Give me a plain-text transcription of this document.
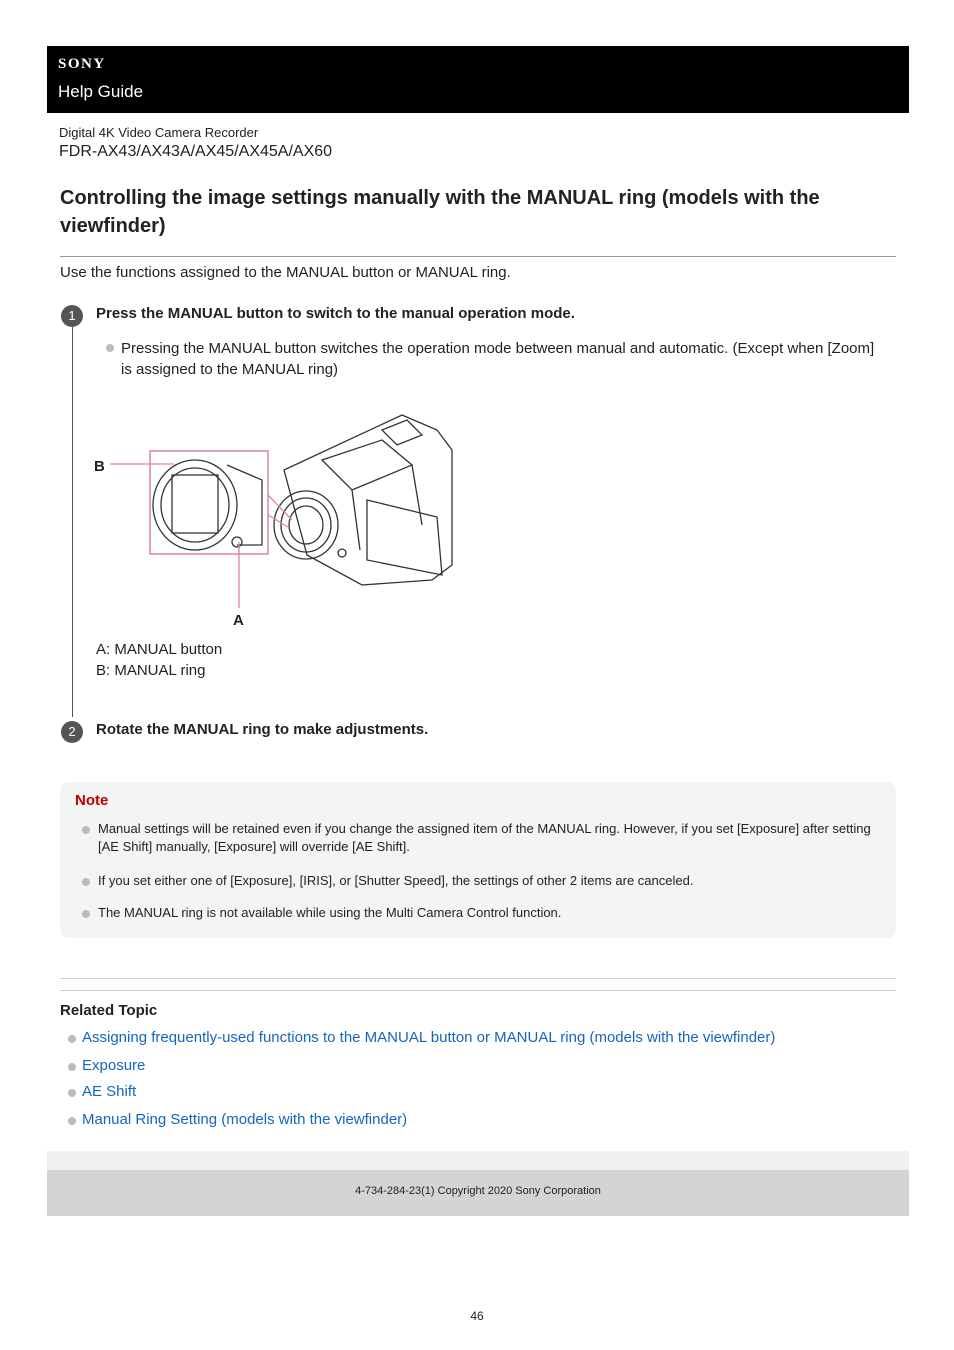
SONY
Help Guide
Digital 4K Video Camera Recorder
FDR-AX43/AX43A/AX45/AX45A/AX60
Controlling the image settings manually with the MANUAL ring (models with the viewfinder)
Use the functions assigned to the MANUAL button or MANUAL ring.
1	Press the MANUAL button to switch to the manual operation mode.
Pressing the MANUAL button switches the operation mode between manual and automatic. (Except when [Zoom] is assigned to the MANUAL ring)
B
A
A: MANUAL button
B: MANUAL ring
2	Rotate the MANUAL ring to make adjustments.
Note
Manual settings will be retained even if you change the assigned item of the MANUAL ring. However, if you set [Exposure] after setting [AE Shift] manually, [Exposure] will override [AE Shift].
If you set either one of [Exposure], [IRIS], or [Shutter Speed], the settings of other 2 items are canceled.
The MANUAL ring is not available while using the Multi Camera Control function.
Related Topic
Assigning frequently-used functions to the MANUAL button or MANUAL ring (models with the viewfinder)
Exposure
AE Shift
Manual Ring Setting (models with the viewfinder)
4-734-284-23(1) Copyright 2020 Sony Corporation
46
